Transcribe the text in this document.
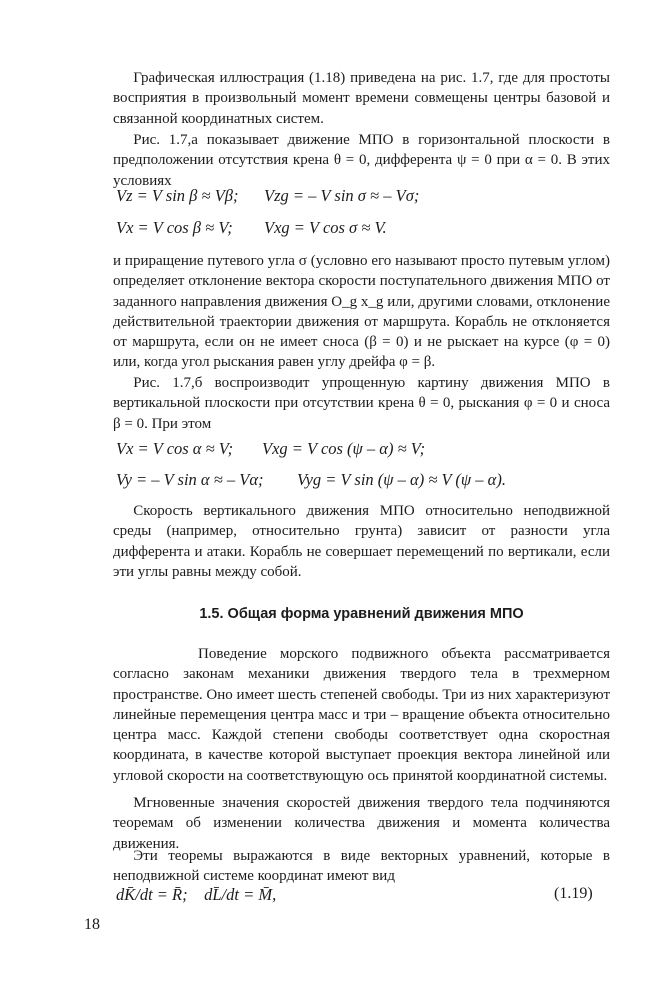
Графическая иллюстрация (1.18) приведена на рис. 1.7, где для простоты восприятия в произвольный момент времени совмещены центры базовой и связанной координатных систем.

Рис. 1.7,а показывает движение МПО в горизонтальной плоскости в предположении отсутствия крена θ = 0, дифферента ψ = 0 при α = 0. В этих условиях

Vz = V sin β ≈ Vβ; Vzg = – V sin σ ≈ – Vσ;
Vx = V cos β ≈ V; Vxg = V cos σ ≈ V.

и приращение путевого угла σ (условно его называют просто путевым углом) определяет отклонение вектора скорости поступательного движения МПО от заданного направления движения O_g x_g или, другими словами, отклонение действительной траектории движения от маршрута. Корабль не отклоняется от маршрута, если он не имеет сноса (β = 0) и не рыскает на курсе (φ = 0) или, когда угол рыскания равен углу дрейфа φ = β.

Рис. 1.7,б воспроизводит упрощенную картину движения МПО в вертикальной плоскости при отсутствии крена θ = 0, рыскания φ = 0 и сноса β = 0. При этом

Vx = V cos α ≈ V; Vxg = V cos (ψ – α) ≈ V;
Vy = – V sin α ≈ – Vα; Vyg = V sin (ψ – α) ≈ V (ψ – α).

Скорость вертикального движения МПО относительно неподвижной среды (например, относительно грунта) зависит от разности угла дифферента и атаки. Корабль не совершает перемещений по вертикали, если эти углы равны между собой.

1.5. Общая форма уравнений движения МПО

Поведение морского подвижного объекта рассматривается согласно законам механики движения твердого тела в трехмерном пространстве. Оно имеет шесть степеней свободы. Три из них характеризуют линейные перемещения центра масс и три – вращение объекта относительно центра масс. Каждой степени свободы соответствует одна скоростная координата, в качестве которой выступает проекция вектора линейной или угловой скорости на соответствующую ось принятой координатной системы.

Мгновенные значения скоростей движения твердого тела подчиняются теоремам об изменении количества движения и момента количества движения.

Эти теоремы выражаются в виде векторных уравнений, которые в неподвижной системе координат имеют вид

dK̄/dt = R̄;    dL̄/dt = M̄,	(1.19)
18
